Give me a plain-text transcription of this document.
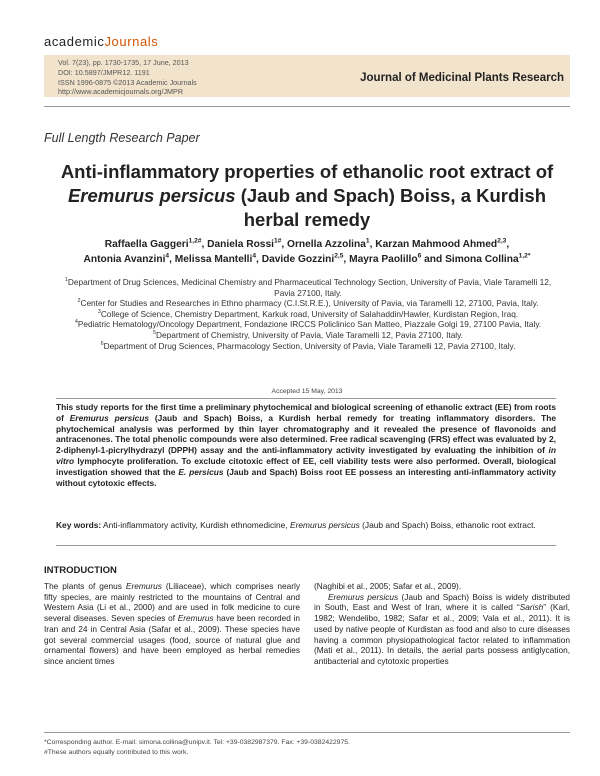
academicJournals
Vol. 7(23), pp. 1730-1735, 17 June, 2013
DOI: 10.5897/JMPR12. 1191
ISSN 1996-0875 ©2013 Academic Journals
http://www.academicjournals.org/JMPR
Journal of Medicinal Plants Research
Full Length Research Paper
Anti-inflammatory properties of ethanolic root extract of
Eremurus persicus (Jaub and Spach) Boiss, a Kurdish
herbal remedy
Raffaella Gaggeri$^{1,2\#}$, Daniela Rossi$^{1\#}$, Ornella Azzolina$^1$, Karzan Mahmood Ahmed$^{2,3}$,
Antonia Avanzini$^4$, Melissa Mantelli$^4$, Davide Gozzini$^{2,5}$, Mayra Paolillo$^6$ and Simona Collina$^{1,2*}$

$^1$Department of Drug Sciences, Medicinal Chemistry and Pharmaceutical Technology Section, University of Pavia, Viale Taramelli 12, Pavia 27100, Italy.

$^2$Center for Studies and Researches in Ethno pharmacy (C.I.St.R.E.), University of Pavia, via Taramelli 12, 27100, Pavia, Italy.

$^3$College of Science, Chemistry Department, Karkuk road, University of Salahaddin/Hawler, Kurdistan Region, Iraq.

$^4$Pediatric Hematology/Oncology Department, Fondazione IRCCS Policlinico San Matteo, Piazzale Golgi 19, 27100 Pavia, Italy.

$^5$Department of Chemistry, University of Pavia, Viale Taramelli 12, Pavia 27100, Italy.

$^6$Department of Drug Sciences, Pharmacology Section, University of Pavia, Viale Taramelli 12, Pavia 27100, Italy.

Accepted 15 May, 2013
This study reports for the first time a preliminary phytochemical and biological screening of ethanolic extract (EE) from roots of Eremurus persicus (Jaub and Spach) Boiss, a Kurdish herbal remedy for treating inflammatory disorders. The phytochemical analysis was performed by thin layer chromatography and it revealed the presence of flavonoids and antracenones. The total phenolic compounds were also determined. Free radical scavenging (FRS) effect was evaluated by 2, 2-diphenyl-1-picrylhydrazyl (DPPH) assay and the anti-inflammatory activity investigated by evaluating the inhibition of in vitro lymphocyte proliferation. To exclude citotoxic effect of EE, cell viability tests were also performed. Overall, biological investigation showed that the E. persicus (Jaub and Spach) Boiss root EE possess an interesting anti-inflammatory activity without cytotoxic effects.
Key words: Anti-inflammatory activity, Kurdish ethnomedicine, Eremurus persicus (Jaub and Spach) Boiss, ethanolic root extract.
INTRODUCTION

The plants of genus Eremurus (Liliaceae), which comprises nearly fifty species, are mainly restricted to the mountains of Central and Western Asia (Li et al., 2000) and are used in folk medicine to cure several diseases. Seven species of Eremurus have been recorded in Iran and 24 in Central Asia (Safar et al., 2009). These species have got several commercial usages (food, source of natural glue and ornamental flowers) and have been employed as herbal remedies since ancient times

(Naghibi et al., 2005; Safar et al., 2009).

Eremurus persicus (Jaub and Spach) Boiss is widely distributed in South, East and West of Iran, where it is called “Sarish” (Karl, 1982; Wendelibo, 1982; Safar et al., 2009; Vala et al., 2011). It is used by native people of Kurdistan as food and also to cure diseases having a common physiopathological factor related to inflammation (Mati et al., 2011). In details, the aerial parts possess antiglycation, antibacterial and cytotoxic properties

*Corresponding author. E-mail: simona.collina@unipv.it. Tel: +39-0382987379. Fax: +39-0382422975.
#These authors equally contributed to this work.
